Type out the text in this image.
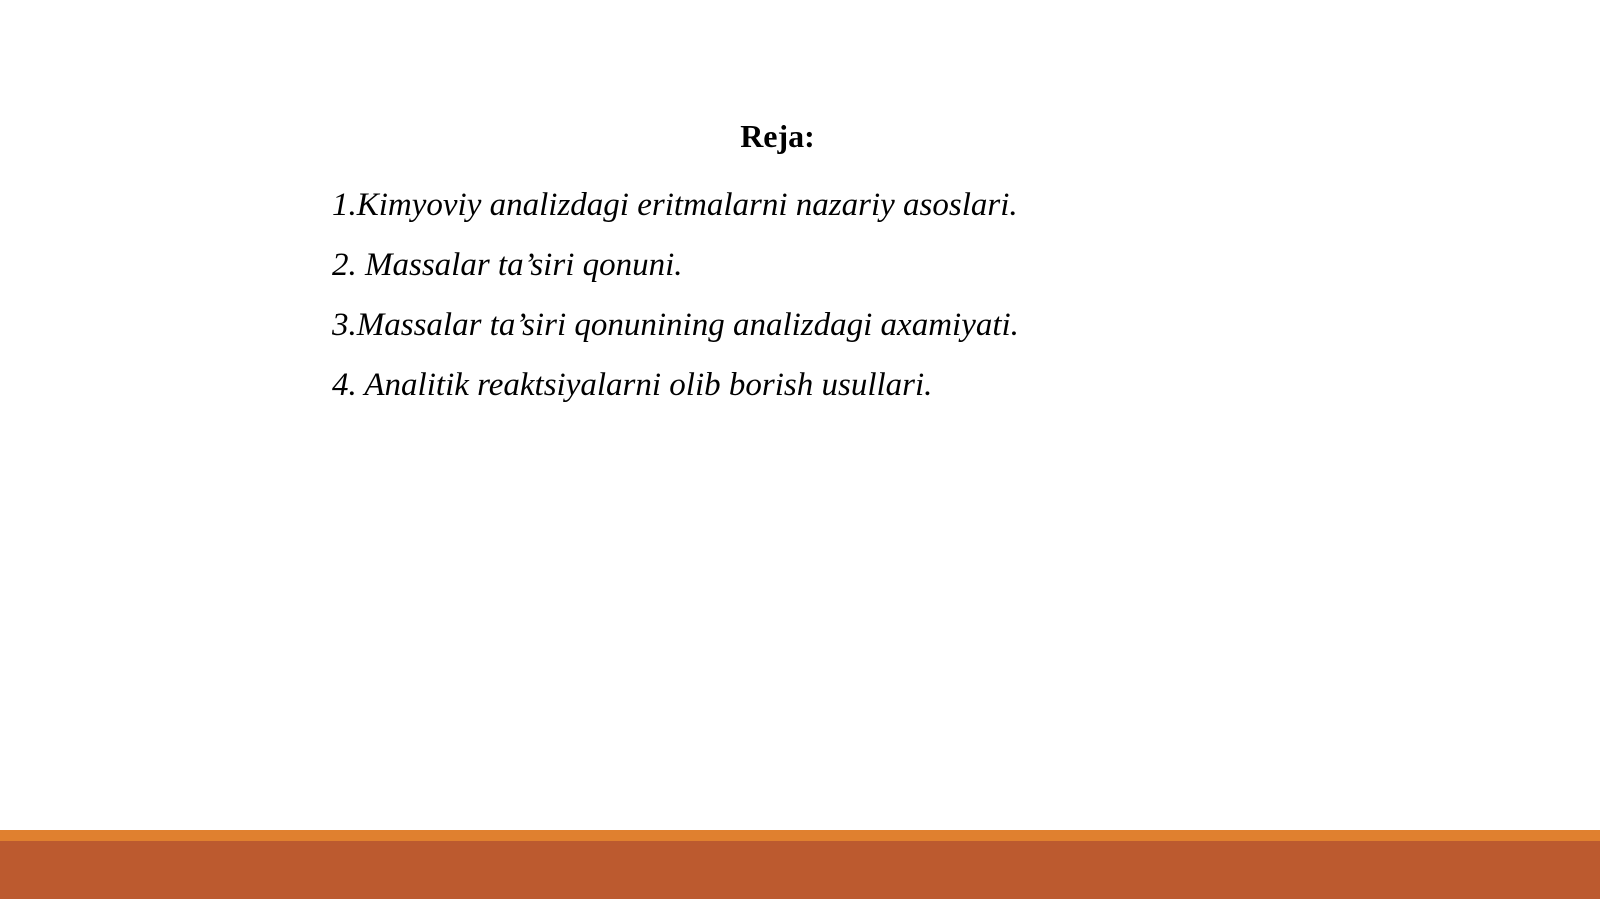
Reja:
1.Kimyoviy analizdagi eritmalarni nazariy asoslari.
2. Massalar ta’siri qonuni.
3.Massalar ta’siri qonunining analizdagi axamiyati.
4. Analitik reaktsiyalarni olib borish usullari.
